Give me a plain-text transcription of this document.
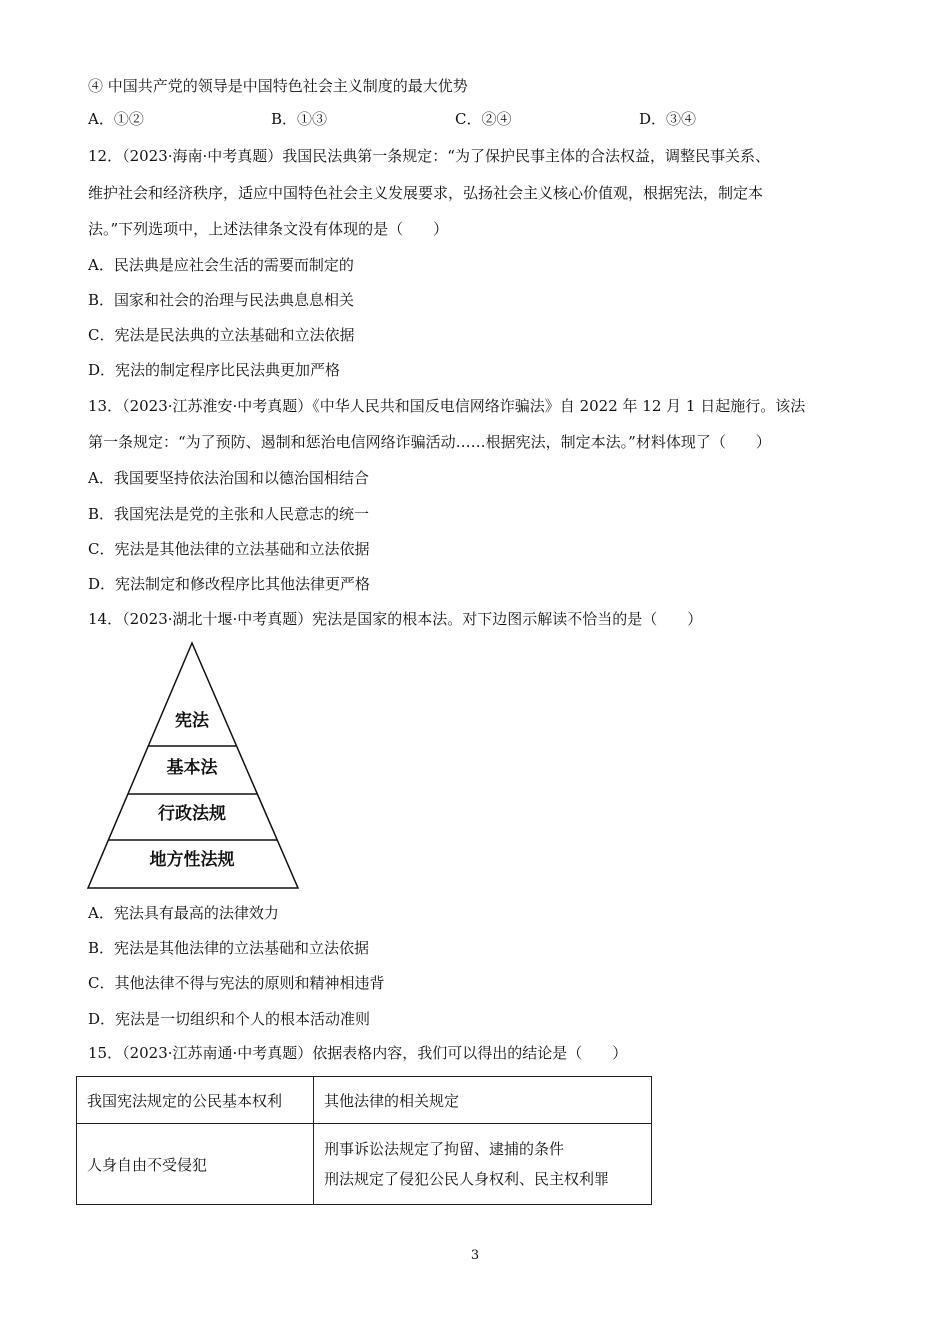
④ 中国共产党的领导是中国特色社会主义制度的最大优势
A．①②	B．①③	C．②④	D．③④
12．（2023·海南·中考真题）我国民法典第一条规定：“为了保护民事主体的合法权益，调整民事关系、
维护社会和经济秩序，适应中国特色社会主义发展要求，弘扬社会主义核心价值观，根据宪法，制定本
法。”下列选项中，上述法律条文没有体现的是（　　）
A．民法典是应社会生活的需要而制定的
B．国家和社会的治理与民法典息息相关
C．宪法是民法典的立法基础和立法依据
D．宪法的制定程序比民法典更加严格
13．（2023·江苏淮安·中考真题）《中华人民共和国反电信网络诈骗法》自 2022 年 12 月 1 日起施行。该法
第一条规定：“为了预防、遏制和惩治电信网络诈骗活动……根据宪法，制定本法。”材料体现了（　　）
A．我国要坚持依法治国和以德治国相结合
B．我国宪法是党的主张和人民意志的统一
C．宪法是其他法律的立法基础和立法依据
D．宪法制定和修改程序比其他法律更严格
14．（2023·湖北十堰·中考真题）宪法是国家的根本法。对下边图示解读不恰当的是（　　）
宪法
基本法
行政法规
地方性法规
A．宪法具有最高的法律效力
B．宪法是其他法律的立法基础和立法依据
C．其他法律不得与宪法的原则和精神相违背
D．宪法是一切组织和个人的根本活动准则
15．（2023·江苏南通·中考真题）依据表格内容，我们可以得出的结论是（　　）
我国宪法规定的公民基本权利	其他法律的相关规定
人身自由不受侵犯	刑事诉讼法规定了拘留、逮捕的条件
刑法规定了侵犯公民人身权利、民主权利罪
3
